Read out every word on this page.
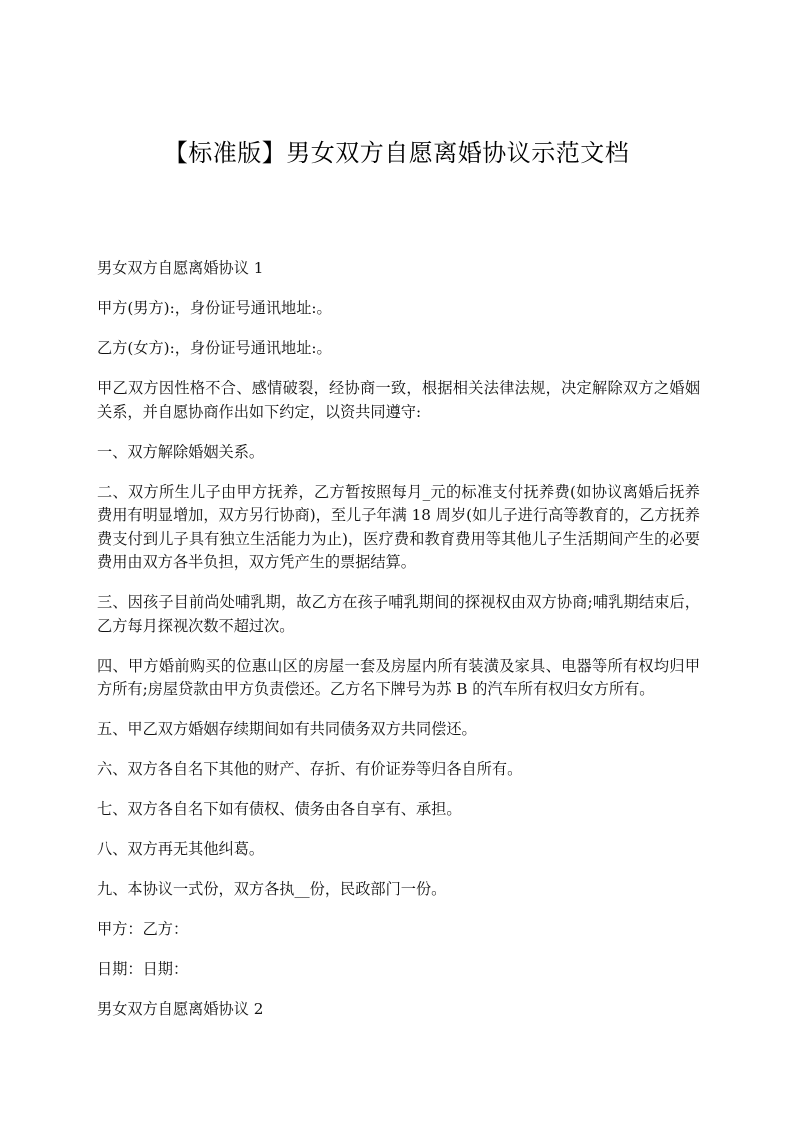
【标准版】男女双方自愿离婚协议示范文档

男女双方自愿离婚协议 1

甲方(男方):，身份证号通讯地址:。

乙方(女方):，身份证号通讯地址:。

甲乙双方因性格不合、感情破裂，经协商一致，根据相关法律法规，决定解除双方之婚姻关系，并自愿协商作出如下约定，以资共同遵守:

一、双方解除婚姻关系。

二、双方所生儿子由甲方抚养，乙方暂按照每月_元的标准支付抚养费(如协议离婚后抚养费用有明显增加，双方另行协商)，至儿子年满 18 周岁(如儿子进行高等教育的，乙方抚养费支付到儿子具有独立生活能力为止)，医疗费和教育费用等其他儿子生活期间产生的必要费用由双方各半负担，双方凭产生的票据结算。

三、因孩子目前尚处哺乳期，故乙方在孩子哺乳期间的探视权由双方协商;哺乳期结束后，乙方每月探视次数不超过次。

四、甲方婚前购买的位惠山区的房屋一套及房屋内所有装潢及家具、电器等所有权均归甲方所有;房屋贷款由甲方负责偿还。乙方名下牌号为苏 B 的汽车所有权归女方所有。

五、甲乙双方婚姻存续期间如有共同债务双方共同偿还。

六、双方各自名下其他的财产、存折、有价证券等归各自所有。

七、双方各自名下如有债权、债务由各自享有、承担。

八、双方再无其他纠葛。

九、本协议一式份，双方各执__份，民政部门一份。

甲方：乙方：

日期：日期：

男女双方自愿离婚协议 2
